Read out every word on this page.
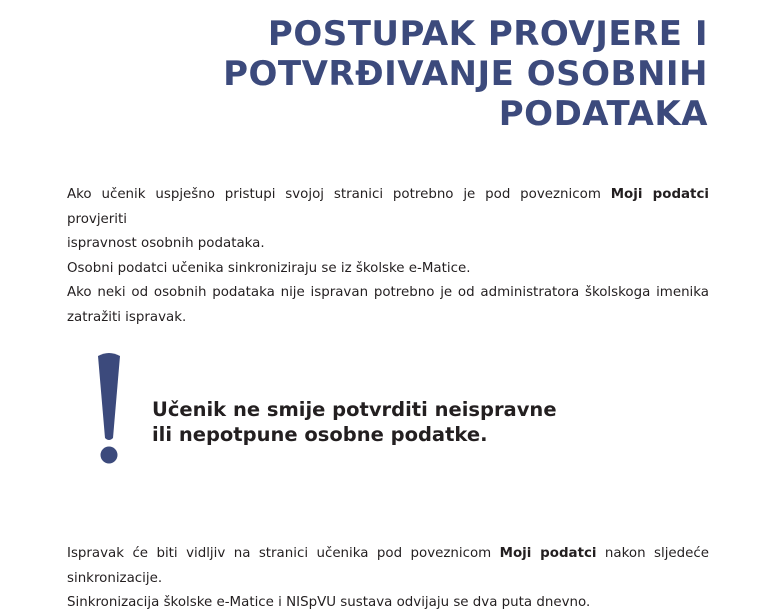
POSTUPAK PROVJERE I
POTVRĐIVANJE OSOBNIH
PODATAKA
Ako učenik uspješno pristupi svojoj stranici potrebno je pod poveznicom Moji podatci provjeriti
ispravnost osobnih podataka.
Osobni podatci učenika sinkroniziraju se iz školske e-Matice.
Ako neki od osobnih podataka nije ispravan potrebno je od administratora školskoga imenika
zatražiti ispravak.
Učenik ne smije potvrditi neispravne
ili nepotpune osobne podatke.
Ispravak će biti vidljiv na stranici učenika pod poveznicom Moji podatci nakon sljedeće
sinkronizacije.
Sinkronizacija školske e-Matice i NISpVU sustava odvijaju se dva puta dnevno.
